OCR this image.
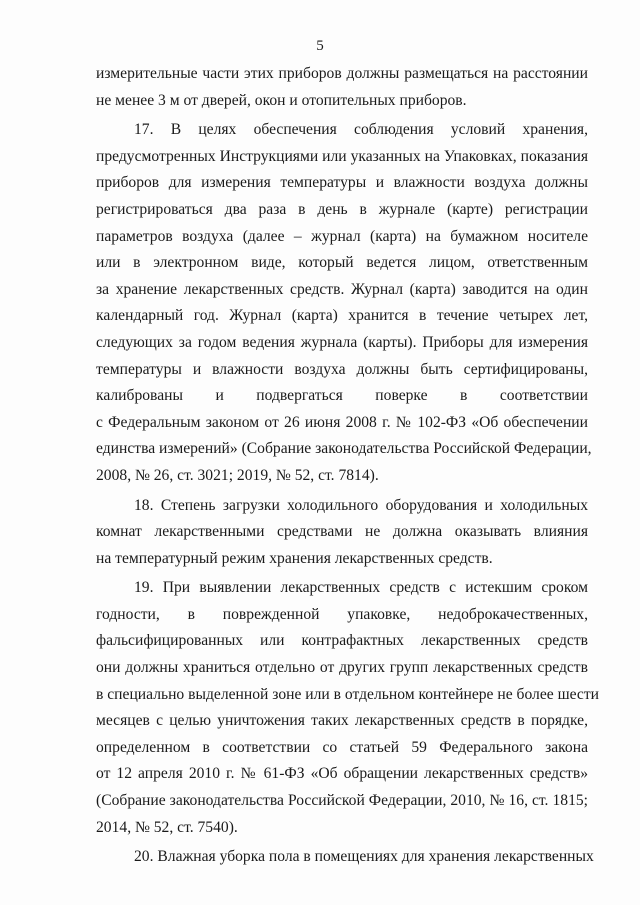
5
измерительные части этих приборов должны размещаться на расстоянии
не менее 3 м от дверей, окон и отопительных приборов.
17. В целях обеспечения соблюдения условий хранения,
предусмотренных Инструкциями или указанных на Упаковках, показания
приборов для измерения температуры и влажности воздуха должны
регистрироваться два раза в день в журнале (карте) регистрации
параметров воздуха (далее – журнал (карта) на бумажном носителе
или в электронном виде, который ведется лицом, ответственным
за хранение лекарственных средств. Журнал (карта) заводится на один
календарный год. Журнал (карта) хранится в течение четырех лет,
следующих за годом ведения журнала (карты). Приборы для измерения
температуры и влажности воздуха должны быть сертифицированы,
калиброваны и подвергаться поверке в соответствии
с Федеральным законом от 26 июня 2008 г. № 102-ФЗ «Об обеспечении
единства измерений» (Собрание законодательства Российской Федерации,
2008, № 26, ст. 3021; 2019, № 52, ст. 7814).
18. Степень загрузки холодильного оборудования и холодильных
комнат лекарственными средствами не должна оказывать влияния
на температурный режим хранения лекарственных средств.
19. При выявлении лекарственных средств с истекшим сроком
годности, в поврежденной упаковке, недоброкачественных,
фальсифицированных или контрафактных лекарственных средств
они должны храниться отдельно от других групп лекарственных средств
в специально выделенной зоне или в отдельном контейнере не более шести
месяцев с целью уничтожения таких лекарственных средств в порядке,
определенном в соответствии со статьей 59 Федерального закона
от 12 апреля 2010 г. № 61-ФЗ «Об обращении лекарственных средств»
(Собрание законодательства Российской Федерации, 2010, № 16, ст. 1815;
2014, № 52, ст. 7540).
20. Влажная уборка пола в помещениях для хранения лекарственных
